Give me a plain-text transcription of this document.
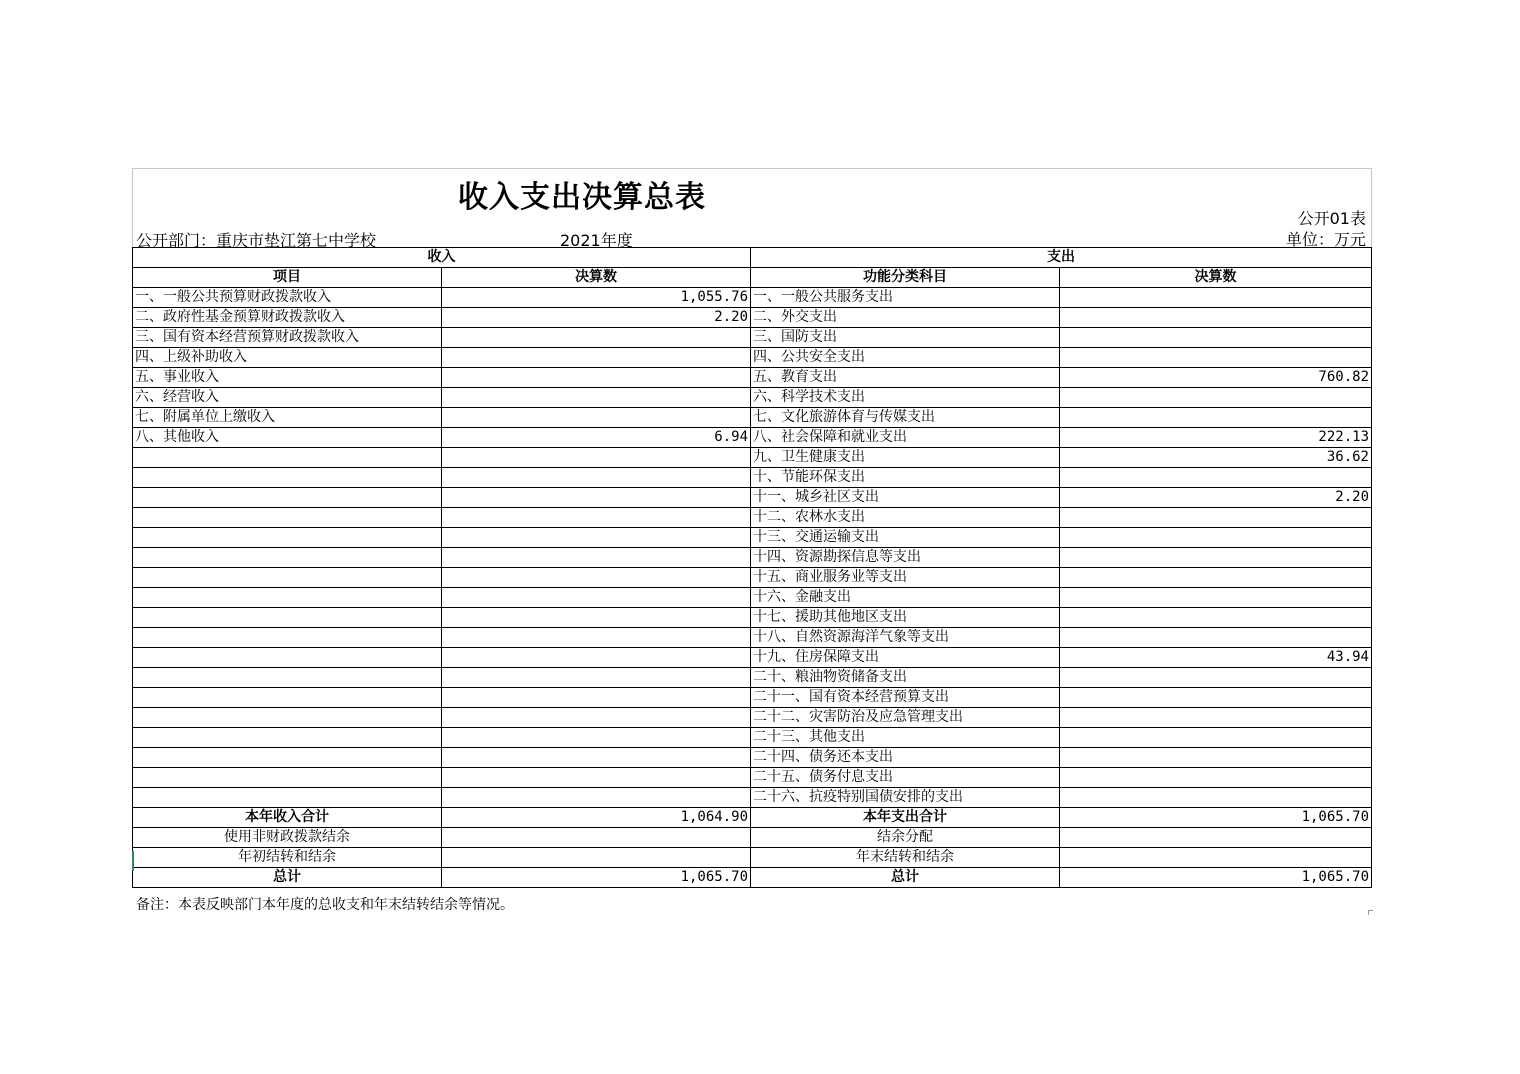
收入支出决算总表
公开01表
公开部门：重庆市垫江第七中学校	2021年度	单位：万元
收入		支出	
项目	决算数	功能分类科目	决算数
一、一般公共预算财政拨款收入	1,055.76	一、一般公共服务支出	
二、政府性基金预算财政拨款收入	2.20	二、外交支出	
三、国有资本经营预算财政拨款收入		三、国防支出	
四、上级补助收入		四、公共安全支出	
五、事业收入		五、教育支出	760.82
六、经营收入		六、科学技术支出	
七、附属单位上缴收入		七、文化旅游体育与传媒支出	
八、其他收入	6.94	八、社会保障和就业支出	222.13
		九、卫生健康支出	36.62
		十、节能环保支出	
		十一、城乡社区支出	2.20
		十二、农林水支出	
		十三、交通运输支出	
		十四、资源勘探信息等支出	
		十五、商业服务业等支出	
		十六、金融支出	
		十七、援助其他地区支出	
		十八、自然资源海洋气象等支出	
		十九、住房保障支出	43.94
		二十、粮油物资储备支出	
		二十一、国有资本经营预算支出	
		二十二、灾害防治及应急管理支出	
		二十三、其他支出	
		二十四、债务还本支出	
		二十五、债务付息支出	
		二十六、抗疫特别国债安排的支出	
本年收入合计	1,064.90	本年支出合计	1,065.70
使用非财政拨款结余		结余分配	
年初结转和结余		年末结转和结余	
总计	1,065.70	总计	1,065.70
备注：本表反映部门本年度的总收支和年末结转结余等情况。
